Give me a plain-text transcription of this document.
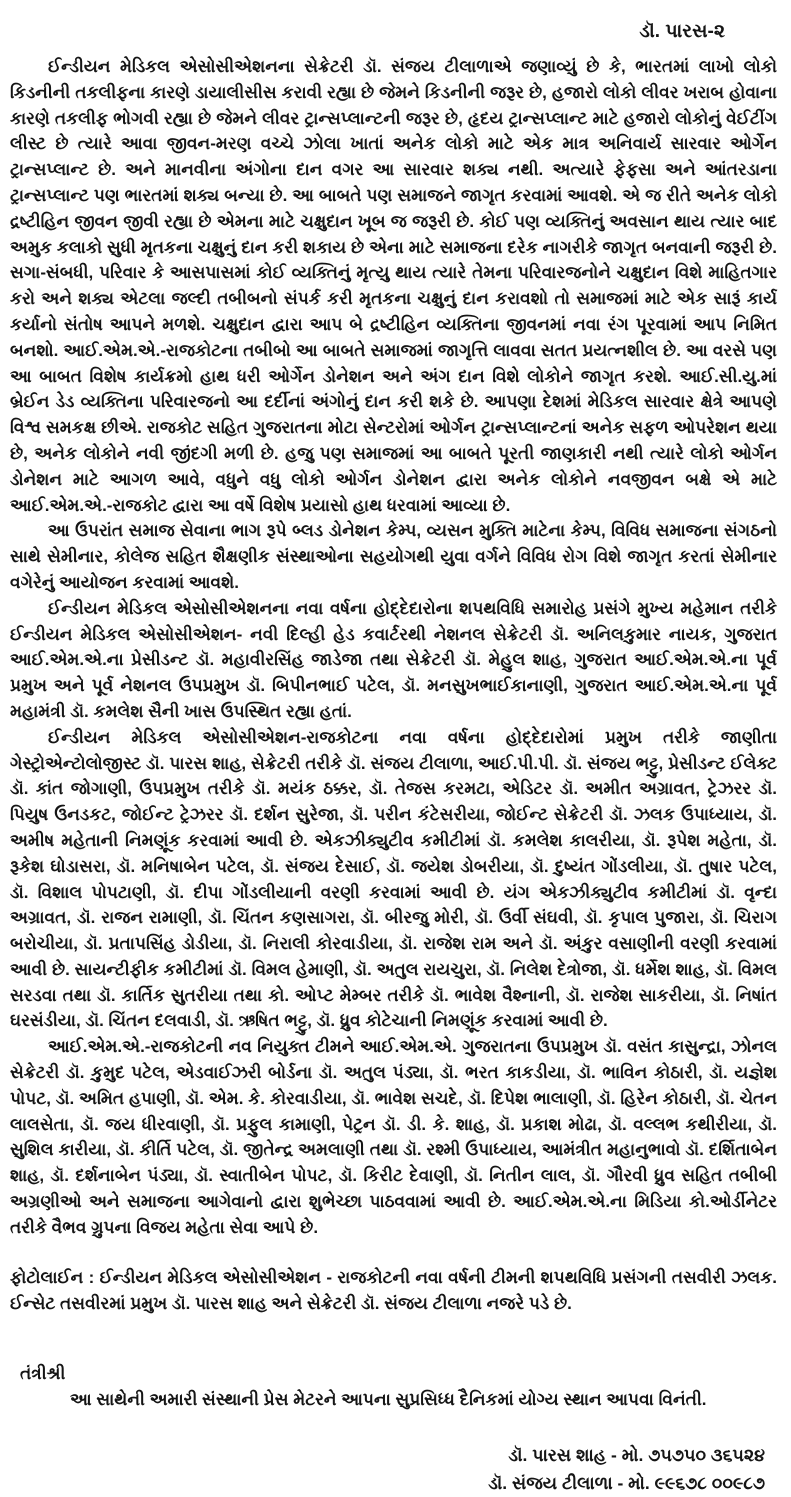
ડૉ. પારસ-૨

ઈન્ડીયન મેડિકલ એસોસીએશનના સેક્રેટરી ડૉ. સંજય ટીલાળાએ જણાવ્યું છે કે, ભારતમાં લાખો લોકો કિડનીની તકલીફના કારણે ડાયાલીસીસ કરાવી રહ્યા છે જેમને કિડનીની જરૂર છે, હજારો લોકો લીવર ખરાબ હોવાના કારણે તકલીફ ભોગવી રહ્યા છે જેમને લીવર ટ્રાન્સપ્લાન્ટની જરૂર છે, હૃદય ટ્રાન્સપ્લાન્ટ માટે હજારો લોકોનું વેઈટીંગ લીસ્ટ છે ત્યારે આવા જીવન-મરણ વચ્ચે ઝોલા ખાતાં અનેક લોકો માટે એક માત્ર અનિવાર્ય સારવાર ઓર્ગેન ટ્રાન્સપ્લાન્ટ છે. અને માનવીના અંગોના દાન વગર આ સારવાર શક્ય નથી. અત્યારે ફેફસા અને આંતરડાના ટ્રાન્સપ્લાન્ટ પણ ભારતમાં શક્ય બન્યા છે. આ બાબતે પણ સમાજને જાગૃત કરવામાં આવશે. એ જ રીતે અનેક લોકો દ્રષ્ટીહિન જીવન જીવી રહ્યા છે એમના માટે ચક્ષુદાન ખૂબ જ જરૂરી છે. કોઈ પણ વ્યક્તિનું અવસાન થાય ત્યાર બાદ અમુક કલાકો સુધી મૃતકના ચક્ષુનું દાન કરી શકાય છે એના માટે સમાજના દરેક નાગરીકે જાગૃત બનવાની જરૂરી છે. સગા-સંબધી, પરિવાર કે આસપાસમાં કોઈ વ્યક્તિનું મૃત્યુ થાય ત્યારે તેમના પરિવારજનોને ચક્ષુદાન વિશે માહિતગાર કરો અને શક્ય એટલા જલ્દી તબીબનો સંપર્ક કરી મૃતકના ચક્ષુનું દાન કરાવશો તો સમાજમાં માટે એક સારૂં કાર્ય કર્યાનો સંતોષ આપને મળશે. ચક્ષુદાન દ્વારા આપ બે દ્રષ્ટીહિન વ્યક્તિના જીવનમાં નવા રંગ પૂરવામાં આપ નિમિત બનશો. આઈ.એમ.એ.-રાજકોટના તબીબો આ બાબતે સમાજમાં જાગૃત્તિ લાવવા સતત પ્રયત્નશીલ છે. આ વરસે પણ આ બાબત વિશેષ કાર્યક્રમો હાથ ધરી ઓર્ગેન ડોનેશન અને અંગ દાન વિશે લોકોને જાગૃત કરશે. આઈ.સી.યુ.માં બ્રેઈન ડેડ વ્યક્તિના પરિવારજનો આ દર્દીનાં અંગોનું દાન કરી શકે છે. આપણા દેશમાં મેડિકલ સારવાર ક્ષેત્રે આપણે વિશ્વ સમકક્ષ છીએ. રાજકોટ સહિત ગુજરાતના મોટા સેન્ટરોમાં ઓર્ગન ટ્રાન્સપ્લાન્ટનાં અનેક સફળ ઓપરેશન થયા છે, અનેક લોકોને નવી જીંદગી મળી છે. હજુ પણ સમાજમાં આ બાબતે પૂરતી જાણકારી નથી ત્યારે લોકો ઓર્ગન ડોનેશન માટે આગળ આવે, વધુને વધુ લોકો ઓર્ગન ડોનેશન દ્વારા અનેક લોકોને નવજીવન બક્ષે એ માટે આઈ.એમ.એ.-રાજકોટ દ્વારા આ વર્ષે વિશેષ પ્રયાસો હાથ ધરવામાં આવ્યા છે.

આ ઉપરાંત સમાજ સેવાના ભાગ રૂપે બ્લડ ડોનેશન કેમ્પ, વ્યસન મુક્તિ માટેના કેમ્પ, વિવિધ સમાજના સંગઠનો સાથે સેમીનાર, કોલેજ સહિત શૈક્ષણીક સંસ્થાઓના સહયોગથી યુવા વર્ગને વિવિધ રોગ વિશે જાગૃત કરતાં સેમીનાર વગેરેનું આયોજન કરવામાં આવશે.

ઈન્ડીયન મેડિકલ એસોસીએશનના નવા વર્ષના હોદ્દેદારોના શપથવિધિ સમારોહ પ્રસંગે મુખ્ય મહેમાન તરીકે ઈન્ડીયન મેડિકલ એસોસીએશન- નવી દિલ્હી હેડ કવાર્ટરથી નેશનલ સેક્રેટરી ડૉ. અનિલકુમાર નાયક, ગુજરાત આઈ.એમ.એ.ના પ્રેસીડન્ટ ડૉ. મહાવીરસિંહ જાડેજા તથા સેક્રેટરી ડૉ. મેહુલ શાહ, ગુજરાત આઈ.એમ.એ.ના પૂર્વ પ્રમુખ અને પૂર્વ નેશનલ ઉપપ્રમુખ ડૉ. બિપીનભાઈ પટેલ, ડૉ. મનસુખભાઈકાનાણી, ગુજરાત આઈ.એમ.એ.ના પૂર્વ મહામંત્રી ડૉ. કમલેશ સૈની ખાસ ઉપસ્થિત રહ્યા હતાં.

ઈન્ડીયન મેડિકલ એસોસીએશન-રાજકોટના નવા વર્ષના હોદ્દેદારોમાં પ્રમુખ તરીકે જાણીતા ગેસ્ટ્રોએન્ટોલોજીસ્ટ ડૉ. પારસ શાહ, સેક્રેટરી તરીકે ડૉ. સંજય ટીલાળા, આઈ.પી.પી. ડૉ. સંજય ભટ્ટુ, પ્રેસીડન્ટ ઈલેક્ટ ડૉ. કાંત જોગાણી, ઉપપ્રમુખ તરીકે ડૉ. મયંક ઠક્કર, ડૉ. તેજસ કરમટા, એડિટર ડૉ. અમીત અગ્રાવત, ટ્રેઝરર ડૉ. પિયુષ ઉનડકટ, જોઈન્ટ ટ્રેઝરર ડૉ. દર્શન સુરેજા, ડૉ. પરીન કંટેસરીયા, જોઈન્ટ સેક્રેટરી ડૉ. ઝલક ઉપાધ્યાય, ડૉ. અમીષ મહેતાની નિમણૂંક કરવામાં આવી છે. એકઝીક્યુટીવ કમીટીમાં ડૉ. કમલેશ કાલરીયા, ડૉ. રૂપેશ મહેતા, ડૉ. રૂકેશ ઘોડાસરા, ડૉ. મનિષાબેન પટેલ, ડૉ. સંજય દેસાઈ, ડૉ. જયેશ ડોબરીયા, ડૉ. દુષ્યંત ગોંડલીયા, ડૉ. તુષાર પટેલ, ડૉ. વિશાલ પોપટાણી, ડૉ. દીપા ગોંડલીયાની વરણી કરવામાં આવી છે. યંગ એકઝીક્યુટીવ કમીટીમાં ડૉ. વૃન્દા અગ્રાવત, ડૉ. રાજન રામાણી, ડૉ. ચિંતન કણસાગરા, ડૉ. બીરજુ મોરી, ડૉ. ઉર્વી સંઘવી, ડૉ. કૃપાલ પુજારા, ડૉ. ચિરાગ બરોચીયા, ડૉ. પ્રતાપસિંહ ડોડીયા, ડૉ. નિરાલી કોરવાડીયા, ડૉ. રાજેશ રામ અને ડૉ. અંકુર વસાણીની વરણી કરવામાં આવી છે. સાયન્ટીફીક કમીટીમાં ડૉ. વિમલ હેમાણી, ડૉ. અતુલ રાયચુરા, ડૉ. નિલેશ દેત્રોજા, ડૉ. ધર્મેશ શાહ, ડૉ. વિમલ સરડવા તથા ડૉ. કાર્તિક સુતરીયા તથા કો. ઓપ્ટ મેમ્બર તરીકે ડૉ. ભાવેશ વૈશ્નાની, ડૉ. રાજેશ સાકરીયા, ડૉ. નિષાંત ઘરસંડીયા, ડૉ. ચિંતન દલવાડી, ડૉ. ઋષિત ભટ્ટુ, ડૉ. ધ્રુવ કોટેચાની નિમણૂંક કરવામાં આવી છે.

આઈ.એમ.એ.-રાજકોટની નવ નિયુક્ત ટીમને આઈ.એમ.એ. ગુજરાતના ઉપપ્રમુખ ડૉ. વસંત કાસુન્દ્રા, ઝોનલ સેક્રેટરી ડૉ. કુમુદ પટેલ, એડવાઈઝરી બોર્ડના ડૉ. અતુલ પંડ્યા, ડૉ. ભરત કાકડીયા, ડૉ. ભાવિન કોઠારી, ડૉ. યજ્ઞેશ પોપટ, ડૉ. અમિત હપાણી, ડૉ. એમ. કે. કોરવાડીયા, ડૉ. ભાવેશ સચદે, ડૉ. દિપેશ ભાલાણી, ડૉ. હિરેન કોઠારી, ડૉ. ચેતન લાલસેતા, ડૉ. જય ધીરવાણી, ડૉ. પ્રફુલ કામાણી, પેટ્રન ડૉ. ડી. કે. શાહ, ડૉ. પ્રકાશ મોઢા, ડૉ. વલ્લભ કથીરીયા, ડૉ. સુશિલ કારીયા, ડૉ. કીર્તિ પટેલ, ડૉ. જીતેન્દ્ર અમલાણી તથા ડૉ. રશ્મી ઉપાધ્યાય, આમંત્રીત મહાનુભાવો ડૉ. દર્શિતાબેન શાહ, ડૉ. દર્શનાબેન પંડ્યા, ડૉ. સ્વાતીબેન પોપટ, ડૉ. કિરીટ દેવાણી, ડૉ. નિતીન લાલ, ડૉ. ગૌરવી ધ્રુવ સહિત તબીબી અગ્રણીઓ અને સમાજના આગેવાનો દ્વારા શુભેચ્છા પાઠવવામાં આવી છે. આઈ.એમ.એ.ના મિડિયા કો.ઓર્ડીનેટર તરીકે વૈભવ ગ્રુપના વિજય મહેતા સેવા આપે છે.

ફોટોલાઈન : ઈન્ડીયન મેડિકલ એસોસીએશન - રાજકોટની નવા વર્ષની ટીમની શપથવિધિ પ્રસંગની તસવીરી ઝલક. ઈન્સેટ તસવીરમાં પ્રમુખ ડૉ. પારસ શાહ અને સેક્રેટરી ડૉ. સંજય ટીલાળા નજરે પડે છે.

તંત્રીશ્રી
આ સાથેની અમારી સંસ્થાની પ્રેસ મેટરને આપના સુપ્રસિધ્ધ દૈનિકમાં યોગ્ય સ્થાન આપવા વિનંતી.
ડૉ. પારસ શાહ - મો. ૭૫૭૫૦ ૩૬૫૨૪
ડૉ. સંજય ટીલાળા - મો. ૯૯૬૭૮ ૦૦૯૮૭
